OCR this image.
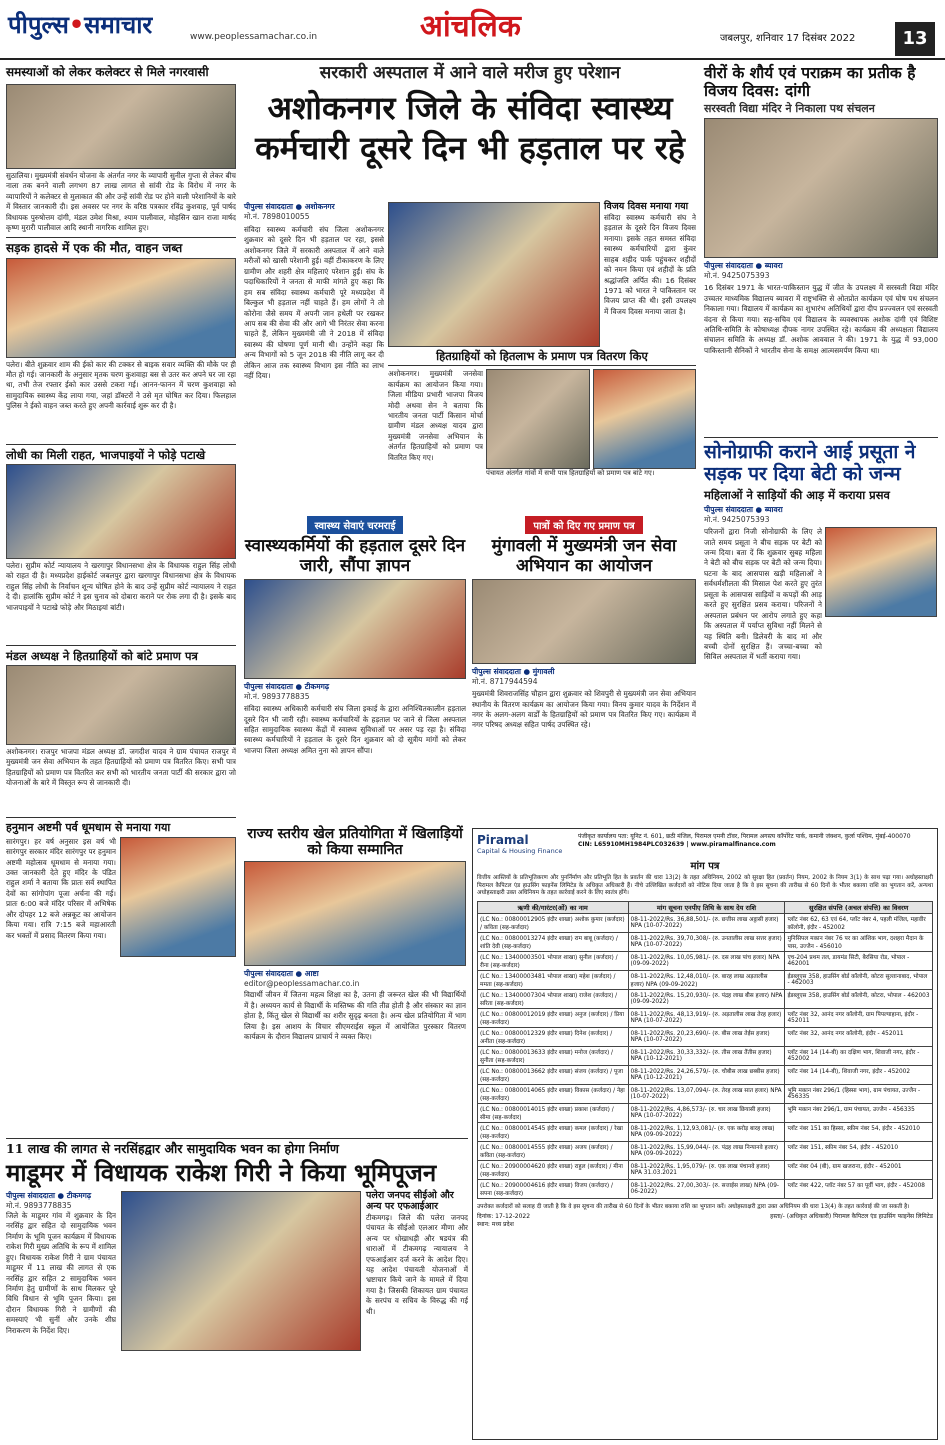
पीपुल्स•समाचार	www.peoplessamachar.co.in	आंचलिक	जबलपुर, शनिवार 17 दिसंबर 2022	13
समस्याओं को लेकर कलेक्टर से मिले नगरवासी
सुठालिया। मुख्यमंत्री संवर्धन योजना के अंतर्गत नगर के व्यापारी सुनील गुप्ता से लेकर बीच नाला तक बनने वाली लगभग 87 लाख लागत से सांवी रोड के विरोध में नगर के व्यापारियों ने कलेक्टर से मुलाकात की और उन्हें सांवी रोड पर होने वाली परेशानियों के बारे में विस्तार जानकारी दी। इस अवसर पर नगर के वरिष्ठ पत्रकार रविंद्र कुशवाह, पूर्व पार्षद विधायक पुरुषोत्तम दांगी, मंडल उमेश मिश्रा, श्याम पालीवाल, मोहसिन खान राजा मार्षद कृष्ण मुरारी पालीवाल आदि स्थानी नागरिक शामिल हुए।
सड़क हादसे में एक की मौत, वाहन जब्त
पलेरा। बीते शुक्रवार शाम की ईको कार की टक्कर से बाइक सवार व्यक्ति की मौके पर ही मौत हो गई। जानकारी के अनुसार मृतक चरण कुशवाहा बस से उतर कर अपने घर जा रहा था, तभी तेज रफ्तार ईको कार उससे टकरा गई। आनन-फानन में चरण कुशवाहा को सामुदायिक स्वास्थ्य केंद्र लाया गया, जहां डॉक्टरों ने उसे मृत घोषित कर दिया। फिलहाल पुलिस ने ईको वाहन जब्त करते हुए अपनी कार्रवाई शुरू कर दी है।
लोधी का मिली राहत, भाजपाइयों ने फोड़े पटाखे
पलेरा। सुप्रीम कोर्ट न्यायालय ने खरगापुर विधानसभा क्षेत्र के विधायक राहुल सिंह लोधी को राहत दी है। मध्यप्रदेश हाईकोर्ट जबलपुर द्वारा खरगापुर विधानसभा क्षेत्र के विधायक राहुल सिंह लोधी के निर्वाचन शून्य घोषित होने के बाद उन्हें सुप्रीम कोर्ट न्यायालय ने राहत दे दी। हालांकि सुप्रीम कोर्ट ने इस चुनाव को दोबारा कराने पर रोक लगा दी है। इसके बाद भाजपाइयों ने पटाखे फोड़े और मिठाइयां बांटी।
मंडल अध्यक्ष ने हितग्राहियों को बांटे प्रमाण पत्र
अशोकनगर। राजपुर भाजपा मंडल अध्यक्ष डॉ. जगदीश यादव ने ग्राम पंचायत राजपुर में मुख्यमंत्री जन सेवा अभियान के तहत हितग्राहियों को प्रमाण पत्र वितरित किए। सभी पात्र हितग्राहियों को प्रमाण पत्र वितरित कर सभी को भारतीय जनता पार्टी की सरकार द्वारा जो योजनाओं के बारे में विस्तृत रूप से जानकारी दी।
हनुमान अष्टमी पर्व धूमधाम से मनाया गया
सारंगपुर। हर वर्ष अनुसार इस वर्ष भी सारंगपुर सरकार मंदिर सारंगपुर पर हनुमान अष्टमी महोत्सव धूमधाम से मनाया गया। उक्त जानकारी देते हुए मंदिर के पंडित राहुल शर्मा ने बताया कि प्रातः सर्व स्थापित देवों का सांगोपांग पूजा अर्चना की गई। प्रातः 6:00 बजे मंदिर परिसर में अभिषेक और दोपहर 12 बजे अन्नकूट का आयोजन किया गया। रात्रि 7:15 बजे महाआरती कर भक्तों में प्रसाद वितरण किया गया।
सरकारी अस्पताल में आने वाले मरीज हुए परेशान
अशोकनगर जिले के संविदा स्वास्थ्य
कर्मचारी दूसरे दिन भी हड़ताल पर रहे
पीपुल्स संवाददाता ● अशोकनगर
मो.नं. 7898010055
संविदा स्वास्थ्य कर्मचारी संघ जिला अशोकनगर शुक्रवार को दूसरे दिन भी हड़ताल पर रहा, इससे अशोकनगर जिले में सरकारी अस्पताल में आने वाले मरीजों को खासी परेशानी हुई। वहीं टीकाकरण के लिए ग्रामीण और शहरी क्षेत्र महिलाएं परेशान हुईं। संघ के पदाधिकारियों ने जनता से माफी मांगते हुए कहा कि हम सब संविदा स्वास्थ्य कर्मचारी पूरे मध्यप्रदेश में बिल्कुल भी हड़ताल नहीं चाहते हैं। हम लोगों ने तो कोरोना जैसे समय में अपनी जान हथेली पर रखकर आप सब की सेवा की और आगे भी निरंतर सेवा करना चाहते हैं, लेकिन मुख्यमंत्री जी ने 2018 में संविदा स्वास्थ्य की घोषणा पूर्ण मानी थी। उन्होंने कहा कि अन्य विभागों को 5 जून 2018 की नीति लागू कर दी लेकिन आज तक स्वास्थ्य विभाग इस नीति का लाभ नहीं दिया।
विजय दिवस मनाया गया
संविदा स्वास्थ्य कर्मचारी संघ ने हड़ताल के दूसरे दिन विजय दिवस मनाया। इसके तहत समस्त संविदा स्वास्थ्य कर्मचारियों द्वारा कुंवर साहब शहीद पार्क पहुंचकर शहीदों को नमन किया एवं शहीदों के प्रति श्रद्धांजलि अर्पित की। 16 दिसंबर 1971 को भारत ने पाकिस्तान पर विजय प्राप्त की थी। इसी उपलक्ष्य में विजय दिवस मनाया जाता है।
हितग्राहियों को हितलाभ के प्रमाण पत्र वितरण किए
अशोकनगर। मुख्यमंत्री जनसेवा कार्यक्रम का आयोजन किया गया। जिला मीडिया प्रभारी भाजपा विजय मोदी अथवा सेन ने बताया कि भारतीय जनता पार्टी किसान मोर्चा ग्रामीण मंडल अध्यक्ष यादव द्वारा मुख्यमंत्री जनसेवा अभियान के अंतर्गत हितग्राहियों को प्रमाण पत्र वितरित किए गए।
पंचायत अंतर्गत गांवों में सभी पात्र हितग्राहियों को प्रमाण पत्र बांटे गए।
स्वास्थ्य सेवाएं चरमराई
स्वास्थ्यकर्मियों की हड़ताल दूसरे दिन जारी, सौंपा ज्ञापन
पीपुल्स संवाददाता ● टीकमगढ़
मो.नं. 9893778835
संविदा स्वास्थ्य अधिकारी कर्मचारी संघ जिला इकाई के द्वारा अनिश्चितकालीन हड़ताल दूसरे दिन भी जारी रही। स्वास्थ्य कर्मचारियों के हड़ताल पर जाने से जिला अस्पताल सहित सामुदायिक स्वास्थ्य केंद्रों में स्वास्थ्य सुविधाओं पर असर पड़ रहा है। संविदा स्वास्थ्य कर्मचारियों ने हड़ताल के दूसरे दिन शुक्रवार को दो सूत्रीय मांगों को लेकर भाजपा जिला अध्यक्ष अमित नुना को ज्ञापन सौंपा।
पात्रों को दिए गए प्रमाण पत्र
मुंगावली में मुख्यमंत्री जन सेवा अभियान का आयोजन
पीपुल्स संवाददाता ● मुंगावली
मो.नं. 8717944594
मुख्यमंत्री शिवराजसिंह चौहान द्वारा शुक्रवार को शिवपुरी से मुख्यमंत्री जन सेवा अभियान स्थानीय के वितरण कार्यक्रम का आयोजन किया गया। विनय कुमार यादव के निर्देशन में नगर के अलग-अलग वार्डों के हितग्राहियों को प्रमाण पत्र वितरित किए गए। कार्यक्रम में नगर परिषद अध्यक्ष सहित पार्षद उपस्थित रहे।
राज्य स्तरीय खेल प्रतियोगिता में खिलाड़ियों को किया सम्मानित
पीपुल्स संवाददाता ● आष्टा
editor@peoplessamachar.co.in
विद्यार्थी जीवन में जितना महत्व शिक्षा का है, उतना ही जरूरत खेल की भी विद्यार्थियों में है। अध्ययन कार्य से विद्यार्थी के मस्तिष्क की गति तीव्र होती है और संस्कार का ज्ञान होता है, किंतु खेल से विद्यार्थी का शरीर सुदृढ़ बनता है। अन्य खेल प्रतियोगिता में भाग लिया है। इस आशय के विचार सीएमराईस स्कूल में आयोजित पुरस्कार वितरण कार्यक्रम के दौरान विद्यालय प्राचार्य ने व्यक्त किए।
11 लाख की लागत से नरसिंहद्वार और सामुदायिक भवन का होगा निर्माण
माडूमर में विधायक राकेश गिरी ने किया भूमिपूजन
पीपुल्स संवाददाता ● टीकमगढ़
मो.नं. 9893778835
जिले के माडूमर गांव में शुक्रवार के दिन नरसिंह द्वार सहित दो सामुदायिक भवन निर्माण के भूमि पूजन कार्यक्रम में विधायक राकेश गिरी मुख्य अतिथि के रूप में शामिल हुए। विधायक राकेश गिरी ने ग्राम पंचायत माडूमर में 11 लाख की लागत से एक नरसिंह द्वार सहित 2 सामुदायिक भवन निर्माण हेतु ग्रामीणों के साथ मिलकर पूरे विधि विधान से भूमि पूजन किया। इस दौरान विधायक गिरी ने ग्रामीणों की समस्याएं भी सुनीं और उनके शीघ्र निराकरण के निर्देश दिए।
पलेरा जनपद सीईओ और अन्य पर एफआईआर
टीकमगढ़। जिले की पलेरा जनपद पंचायत के सीईओ एलआर मीणा और अन्य पर धोखाधड़ी और षडयंत्र की धाराओं में टीकमगढ़ न्यायालय ने एफआईआर दर्ज करने के आदेश दिए। यह आदेश पंचायती योजनाओं में भ्रष्टाचार किये जाने के मामले में दिया गया है। जिसकी शिकायत ग्राम पंचायत के सरपंच व सचिव के विरुद्ध की गई थी।
वीरों के शौर्य एवं पराक्रम का प्रतीक है विजय दिवस: दांगी
सरस्वती विद्या मंदिर ने निकाला पथ संचलन
पीपुल्स संवाददाता ● ब्यावरा
मो.नं. 9425075393
16 दिसंबर 1971 के भारत-पाकिस्तान युद्ध में जीत के उपलक्ष्य में सरस्वती विद्या मंदिर उच्चतर माध्यमिक विद्यालय ब्यावरा में राष्ट्रभक्ति से ओतप्रोत कार्यक्रम एवं घोष पथ संचलन निकाला गया। विद्यालय में कार्यक्रम का शुभारंभ अतिथियों द्वारा दीप प्रज्ज्वलन एवं सरस्वती वंदना से किया गया। सह-सचिव एवं विद्यालय के व्यवस्थापक अशोक दांगी एवं विशिष्ट अतिथि-समिति के कोषाध्यक्ष दीपक नागर उपस्थित रहे। कार्यक्रम की अध्यक्षता विद्यालय संचालन समिति के अध्यक्ष डॉ. अशोक आववाल ने की। 1971 के युद्ध में 93,000 पाकिस्तानी सैनिकों ने भारतीय सेना के समक्ष आत्मसमर्पण किया था।
सोनोग्राफी कराने आई प्रसूता ने सड़क पर दिया बेटी को जन्म
महिलाओं ने साड़ियों की आड़ में कराया प्रसव
पीपुल्स संवाददाता ● ब्यावरा
मो.नं. 9425075393
परिजनों द्वारा निजी सोनोग्राफी के लिए ले जाते समय प्रसूता ने बीच सड़क पर बेटी को जन्म दिया। बता दें कि शुक्रवार सुबह महिला ने बेटी को बीच सड़क पर बेटी को जन्म दिया। घटना के बाद आसपास खड़ी महिलाओं ने सर्वधर्मशीलता की मिसाल पेश करते हुए तुरंत प्रसूता के आसपास साड़ियों व कपड़ों की आड़ करते हुए सुरक्षित प्रसव कराया। परिजनों ने अस्पताल प्रबंधन पर आरोप लगाते हुए कहा कि अस्पताल में पर्याप्त सुविधा नहीं मिलने से यह स्थिति बनी। डिलेवरी के बाद मां और बच्ची दोनों सुरक्षित हैं। जच्चा-बच्चा को सिविल अस्पताल में भर्ती कराया गया।
Piramal
Capital & Housing Finance
पंजीकृत कार्यालय पता: यूनिट नं. 601, छठी मंजिल, पिरामल एमनी टॉवर, पिरामल अगस्त्य कॉर्पोरेट पार्क, कमानी जंक्शन, कुर्ला पश्चिम, मुंबई-400070
CIN: L65910MH1984PLC032639 | www.piramalfinance.com
मांग पत्र
वित्तीय आस्तियों के प्रतिभूतिकरण और पुनर्निर्माण और प्रतिभूति हित के प्रवर्तन की धारा 13(2) के तहत अधिनियम, 2002 को सुरक्षा हित (प्रवर्तन) नियम, 2002 के नियम 3(1) के साथ पढ़ा गया। अधोहस्ताक्षरी पिरामल कैपिटल एंड हाउसिंग फाइनेंस लिमिटेड के अधिकृत अधिकारी हैं। नीचे उल्लिखित कर्जदारों को नोटिस दिया जाता है कि वे इस सूचना की तारीख से 60 दिनों के भीतर बकाया राशि का भुगतान करें, अन्यथा अधोहस्ताक्षरी उक्त अधिनियम के तहत कार्रवाई करने के लिए स्वतंत्र होंगे।
ऋणी की/गारंटर(ओं) का नाम	मांग सूचना एनपीए तिथि के साथ देय राशि	सुरक्षित संपत्ति (अचल संपत्ति) का विवरण
(LC No.: 00800012905 इंदौर शाखा) अशोक कुमार (कर्जदार) / कविता (सह-कर्जदार)	08-11-2022/Rs. 36,88,501/- (रु. छत्तीस लाख अट्ठासी हजार) NPA (10-07-2022)	प्लॉट नंबर 62, 63 एवं 64, प्लॉट नंबर 4, पहली मंजिल, महावीर कॉलोनी, इंदौर - 452002
(LC No.: 00800013274 इंदौर शाखा) राम बाबू (कर्जदार) / शांति देवी (सह-कर्जदार)	08-11-2022/Rs. 39,70,308/- (रु. उनतालीस लाख सत्तर हजार) NPA (10-07-2022)	मुनिसिपल मकान नंबर 76 पर का आंशिक भाग, दशहरा मैदान के पास, उज्जैन - 456010
(LC No.: 13400003501 भोपाल शाखा) सुनील (कर्जदार) / रीना (सह-कर्जदार)	08-11-2022/Rs. 10,05,981/- (रु. दस लाख पांच हजार) NPA (09-09-2022)	एच-204 प्रथम तल, डायमंड सिटी, बैरसिया रोड, भोपाल - 462001
(LC No.: 13400003481 भोपाल शाखा) महेश (कर्जदार) / ममता (सह-कर्जदार)	08-11-2022/Rs. 12,48,010/- (रु. बारह लाख अड़तालीस हजार) NPA (09-09-2022)	ईडब्लूएस 358, हाउसिंग बोर्ड कॉलोनी, कोटरा सुल्तानाबाद, भोपाल - 462003
(LC No.: 13400007304 भोपाल शाखा) राजेश (कर्जदार) / सरिता (सह-कर्जदार)	08-11-2022/Rs. 15,20,930/- (रु. पंद्रह लाख बीस हजार) NPA (09-09-2022)	ईडब्लूएस 358, हाउसिंग बोर्ड कॉलोनी, कोटरा, भोपाल - 462003
(LC No.: 00800012019 इंदौर शाखा) अनुज (कर्जदार) / प्रिया (सह-कर्जदार)	08-11-2022/Rs. 48,13,919/- (रु. अड़तालीस लाख तेरह हजार) NPA (10-07-2022)	प्लॉट नंबर 32, आनंद नगर कॉलोनी, ग्राम पिपल्याहाना, इंदौर - 452011
(LC No.: 00800012329 इंदौर शाखा) दिनेश (कर्जदार) / अनीता (सह-कर्जदार)	08-11-2022/Rs. 20,23,690/- (रु. बीस लाख तेईस हजार) NPA (10-07-2022)	प्लॉट नंबर 32, आनंद नगर कॉलोनी, इंदौर - 452011
(LC No.: 00800013633 इंदौर शाखा) मनोज (कर्जदार) / सुनीता (सह-कर्जदार)	08-11-2022/Rs. 30,33,332/- (रु. तीस लाख तैंतीस हजार) NPA (10-12-2021)	प्लॉट नंबर 14 (14-बी) का दक्षिण भाग, शिवाजी नगर, इंदौर - 452002
(LC No.: 00800013662 इंदौर शाखा) संजय (कर्जदार) / पूजा (सह-कर्जदार)	08-11-2022/Rs. 24,26,579/- (रु. चौबीस लाख छब्बीस हजार) NPA (10-12-2021)	प्लॉट नंबर 14 (14-बी), शिवाजी नगर, इंदौर - 452002
(LC No.: 00800014065 इंदौर शाखा) विकास (कर्जदार) / नेहा (सह-कर्जदार)	08-11-2022/Rs. 13,07,094/- (रु. तेरह लाख सात हजार) NPA (10-07-2022)	भूमि मकान नंबर 296/1 (हिस्सा भाग), ग्राम पंचायत, उज्जैन - 456335
(LC No.: 00800014015 इंदौर शाखा) प्रकाश (कर्जदार) / सीमा (सह-कर्जदार)	08-11-2022/Rs. 4,86,573/- (रु. चार लाख छियासी हजार) NPA (10-07-2022)	भूमि मकान नंबर 296/1, ग्राम पंचायत, उज्जैन - 456335
(LC No.: 00800014545 इंदौर शाखा) कमल (कर्जदार) / रेखा (सह-कर्जदार)	08-11-2022/Rs. 1,12,93,081/- (रु. एक करोड़ बारह लाख) NPA (09-09-2022)	प्लॉट नंबर 151 का हिस्सा, स्कीम नंबर 54, इंदौर - 452010
(LC No.: 00800014555 इंदौर शाखा) अजय (कर्जदार) / कविता (सह-कर्जदार)	08-11-2022/Rs. 15,99,044/- (रु. पंद्रह लाख निन्यानवे हजार) NPA (09-09-2022)	प्लॉट नंबर 151, स्कीम नंबर 54, इंदौर - 452010
(LC No.: 20900004620 इंदौर शाखा) राहुल (कर्जदार) / मीना (सह-कर्जदार)	08-11-2022/Rs. 1,95,079/- (रु. एक लाख पंचानवे हजार) NPA 31.03.2021	प्लॉट नंबर 04 (बी), ग्राम खजराना, इंदौर - 452001
(LC No.: 20900004616 इंदौर शाखा) विजय (कर्जदार) / सपना (सह-कर्जदार)	08-11-2022/Rs. 27,00,303/- (रु. सत्ताईस लाख) NPA (09-06-2022)	प्लॉट नंबर 422, प्लॉट नंबर 57 का पूर्वी भाग, इंदौर - 452008
उपरोक्त कर्जदारों को सलाह दी जाती है कि वे इस सूचना की तारीख से 60 दिनों के भीतर बकाया राशि का भुगतान करें। अधोहस्ताक्षरी द्वारा उक्त अधिनियम की धारा 13(4) के तहत कार्रवाई की जा सकती है।
दिनांक: 17-12-2022
स्थान: मध्य प्रदेश
हस्ता/- (अधिकृत अधिकारी) पिरामल कैपिटल एंड हाउसिंग फाइनेंस लिमिटेड
